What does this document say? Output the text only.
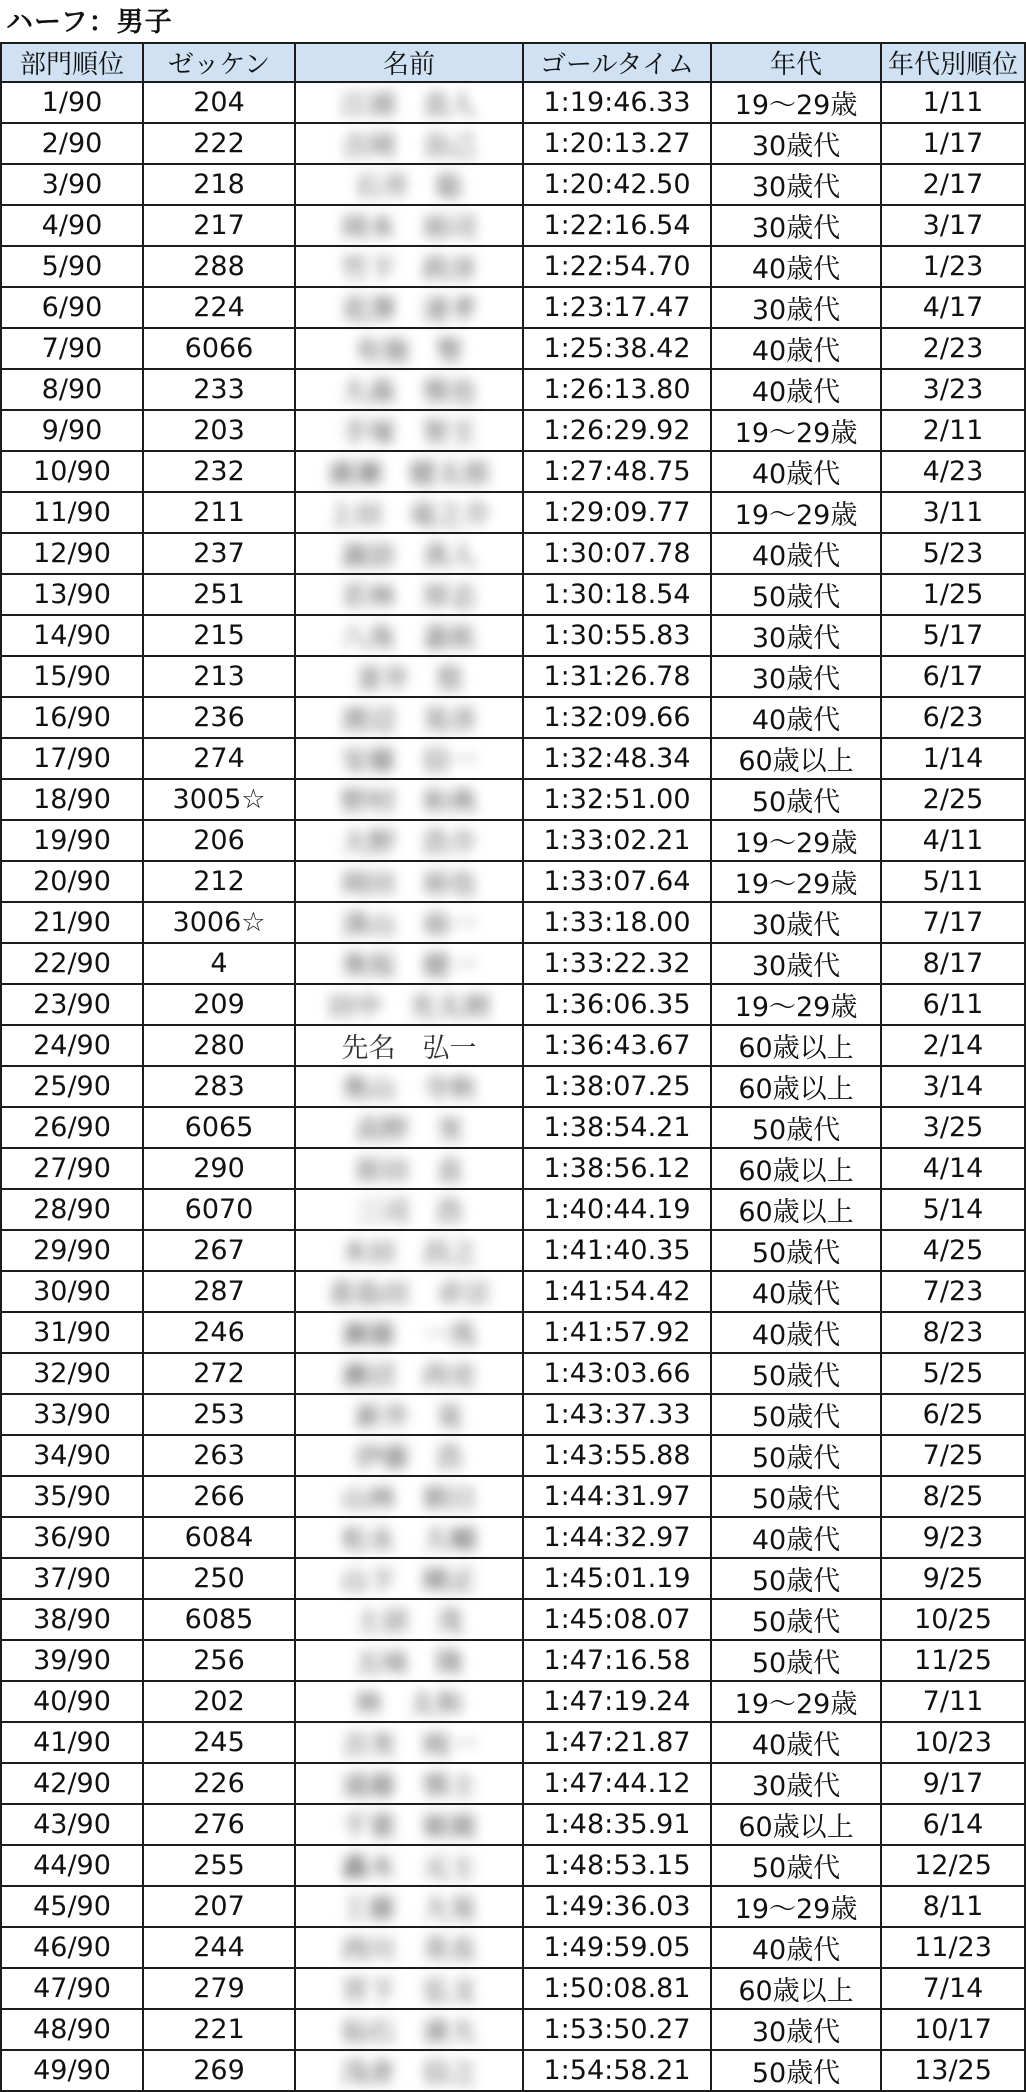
ハーフ：男子
部門順位	ゼッケン	名前	ゴールタイム	年代	年代別順位
1/90	204	江頭　直人	1:19:46.33	19〜29歳	1/11
2/90	222	吉岡　良己	1:20:13.27	30歳代	1/17
3/90	218	石井　聡	1:20:42.50	30歳代	2/17
4/90	217	岡本　裕司	1:22:16.54	30歳代	3/17
5/90	288	竹下　政彦	1:22:54.70	40歳代	1/23
6/90	224	花澤　達孝	1:23:17.47	30歳代	4/17
7/90	6066	布施　聖	1:25:38.42	40歳代	2/23
8/90	233	大森　慎也	1:26:13.80	40歳代	3/23
9/90	203	手塚　智王	1:26:29.92	19〜29歳	2/11
10/90	232	廣瀬　健太郎	1:27:48.75	40歳代	4/23
11/90	211	上田　竜之介	1:29:09.77	19〜29歳	3/11
12/90	237	諏訪　真人	1:30:07.78	40歳代	5/23
13/90	251	若林　厚志	1:30:18.54	50歳代	1/25
14/90	215	八角　嘉紘	1:30:55.83	30歳代	5/17
15/90	213	釜井　悠	1:31:26.78	30歳代	6/17
16/90	236	渡辺　晃彦	1:32:09.66	40歳代	6/23
17/90	274	安藤　信一	1:32:48.34	60歳以上	1/14
18/90	3005☆	野村　和典	1:32:51.00	50歳代	2/25
19/90	206	大野　浩介	1:33:02.21	19〜29歳	4/11
20/90	212	岡田　裕也	1:33:07.64	19〜29歳	5/11
21/90	3006☆	湊山　裕一	1:33:18.00	30歳代	7/17
22/90	4	奥坂　健一	1:33:22.32	30歳代	8/17
23/90	209	田中　光太朗	1:36:06.35	19〜29歳	6/11
24/90	280	先名　弘一	1:36:43.67	60歳以上	2/14
25/90	283	奥山　寺秋	1:38:07.25	60歳以上	3/14
26/90	6065	高野　実	1:38:54.21	50歳代	3/25
27/90	290	原田　直	1:38:56.12	60歳以上	4/14
28/90	6070	三司　浩	1:40:44.19	60歳以上	5/14
29/90	267	木田　昌之	1:41:40.35	50歳代	4/25
30/90	287	喜島田　卓宗	1:41:54.42	40歳代	7/23
31/90	246	瀬藤　一馬	1:41:57.92	40歳代	8/23
32/90	272	瀬沼　尚史	1:43:03.66	50歳代	5/25
33/90	253	新井　晃	1:43:37.33	50歳代	6/25
34/90	263	伊藤　浩	1:43:55.88	50歳代	7/25
35/90	266	山林　朝日	1:44:31.97	50歳代	8/25
36/90	6084	松永　大輔	1:44:32.97	40歳代	9/23
37/90	250	山下　剛正	1:45:01.19	50歳代	9/25
38/90	6085	土居　茂	1:45:08.07	50歳代	10/25
39/90	256	五味　隆	1:47:16.58	50歳代	11/25
40/90	202	林　太和	1:47:19.24	19〜29歳	7/11
41/90	245	吉実　純一	1:47:21.87	40歳代	10/23
42/90	226	遠藤　慎士	1:47:44.12	30歳代	9/17
43/90	276	千葉　敏親	1:48:35.91	60歳以上	6/14
44/90	255	轟木　元士	1:48:53.15	50歳代	12/25
45/90	207	工藤　大晃	1:49:36.03	19〜29歳	8/11
46/90	244	西川　英長	1:49:59.05	40歳代	11/23
47/90	279	宮下　弘文	1:50:08.81	60歳以上	7/14
48/90	221	仙石　康大	1:53:50.27	30歳代	10/17
49/90	269	浅倉　信之	1:54:58.21	50歳代	13/25
